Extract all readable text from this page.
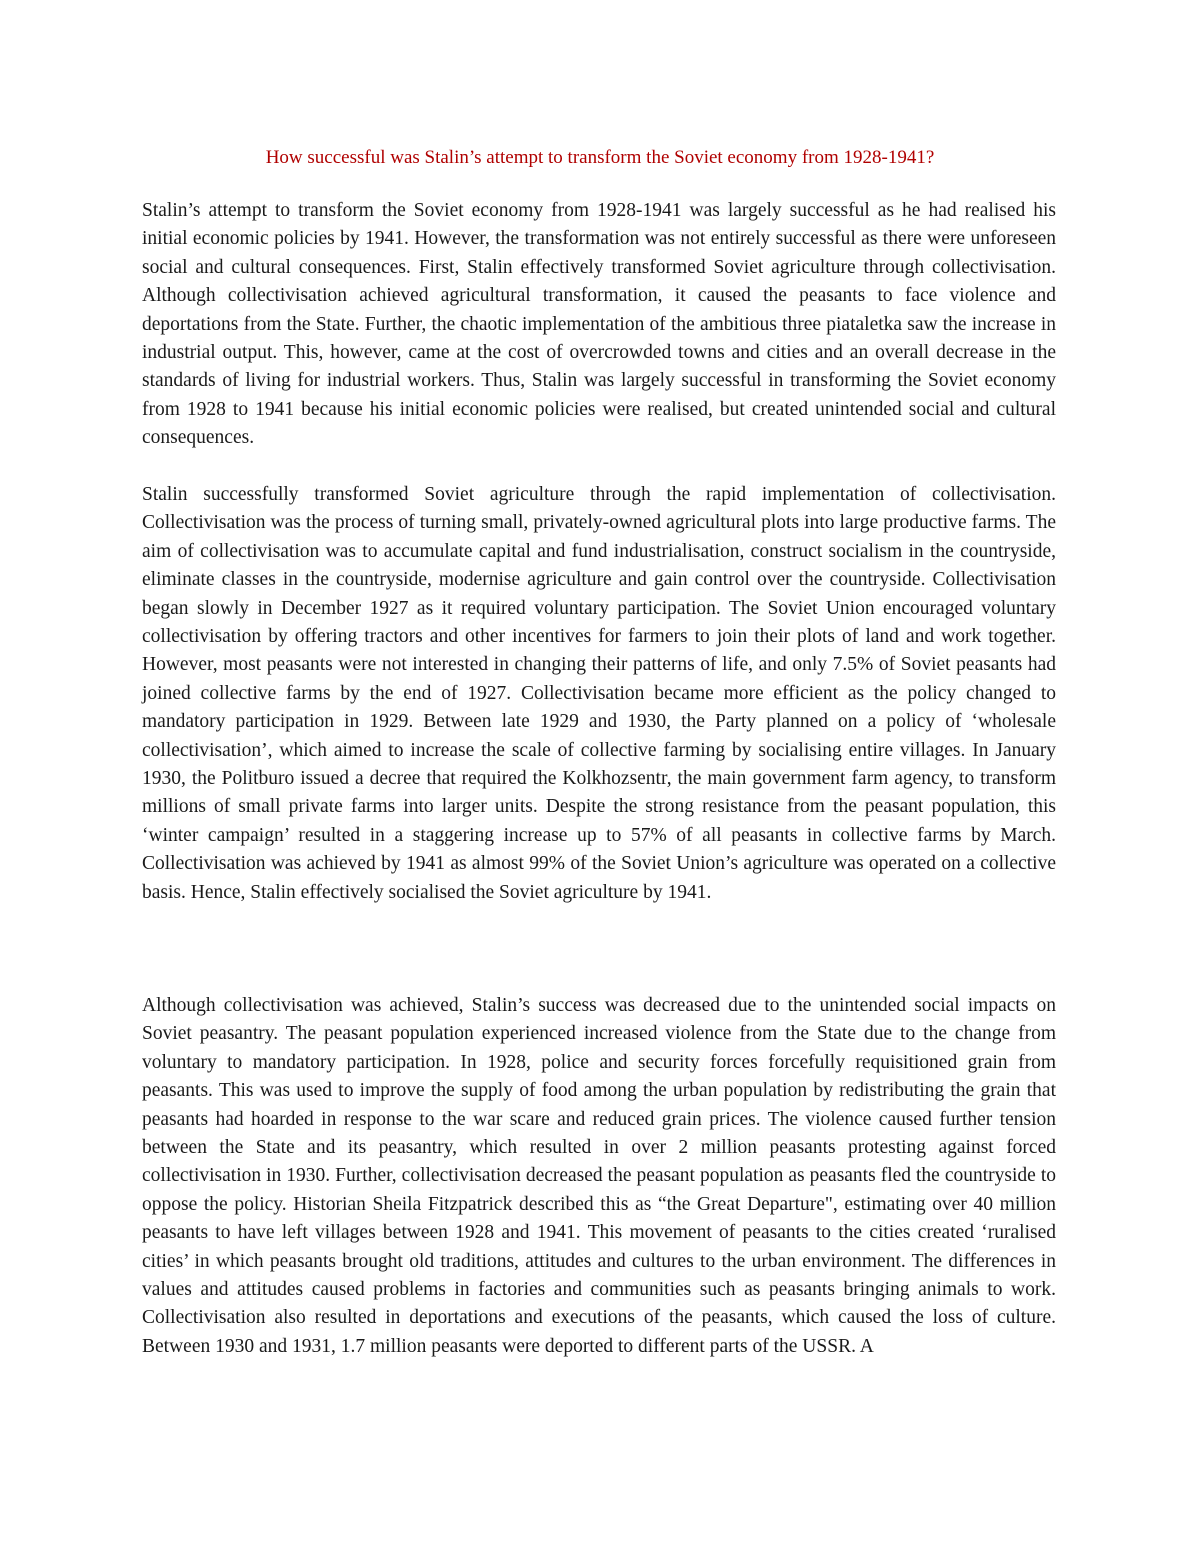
How successful was Stalin’s attempt to transform the Soviet economy from 1928-1941?

Stalin’s attempt to transform the Soviet economy from 1928-1941 was largely successful as he had realised his initial economic policies by 1941. However, the transformation was not entirely successful as there were unforeseen social and cultural consequences. First, Stalin effectively transformed Soviet agriculture through collectivisation. Although collectivisation achieved agricultural transformation, it caused the peasants to face violence and deportations from the State. Further, the chaotic implementation of the ambitious three piataletka saw the increase in industrial output. This, however, came at the cost of overcrowded towns and cities and an overall decrease in the standards of living for industrial workers. Thus, Stalin was largely successful in transforming the Soviet economy from 1928 to 1941 because his initial economic policies were realised, but created unintended social and cultural consequences.

Stalin successfully transformed Soviet agriculture through the rapid implementation of collectivisation. Collectivisation was the process of turning small, privately-owned agricultural plots into large productive farms. The aim of collectivisation was to accumulate capital and fund industrialisation, construct socialism in the countryside, eliminate classes in the countryside, modernise agriculture and gain control over the countryside. Collectivisation began slowly in December 1927 as it required voluntary participation. The Soviet Union encouraged voluntary collectivisation by offering tractors and other incentives for farmers to join their plots of land and work together. However, most peasants were not interested in changing their patterns of life, and only 7.5% of Soviet peasants had joined collective farms by the end of 1927. Collectivisation became more efficient as the policy changed to mandatory participation in 1929. Between late 1929 and 1930, the Party planned on a policy of ‘wholesale collectivisation’, which aimed to increase the scale of collective farming by socialising entire villages. In January 1930, the Politburo issued a decree that required the Kolkhozsentr, the main government farm agency, to transform millions of small private farms into larger units. Despite the strong resistance from the peasant population, this ‘winter campaign’ resulted in a staggering increase up to 57% of all peasants in collective farms by March. Collectivisation was achieved by 1941 as almost 99% of the Soviet Union’s agriculture was operated on a collective basis. Hence, Stalin effectively socialised the Soviet agriculture by 1941.

Although collectivisation was achieved, Stalin’s success was decreased due to the unintended social impacts on Soviet peasantry. The peasant population experienced increased violence from the State due to the change from voluntary to mandatory participation. In 1928, police and security forces forcefully requisitioned grain from peasants. This was used to improve the supply of food among the urban population by redistributing the grain that peasants had hoarded in response to the war scare and reduced grain prices. The violence caused further tension between the State and its peasantry, which resulted in over 2 million peasants protesting against forced collectivisation in 1930. Further, collectivisation decreased the peasant population as peasants fled the countryside to oppose the policy. Historian Sheila Fitzpatrick described this as “the Great Departure", estimating over 40 million peasants to have left villages between 1928 and 1941. This movement of peasants to the cities created ‘ruralised cities’ in which peasants brought old traditions, attitudes and cultures to the urban environment. The differences in values and attitudes caused problems in factories and communities such as peasants bringing animals to work. Collectivisation also resulted in deportations and executions of the peasants, which caused the loss of culture. Between 1930 and 1931, 1.7 million peasants were deported to different parts of the USSR. A
